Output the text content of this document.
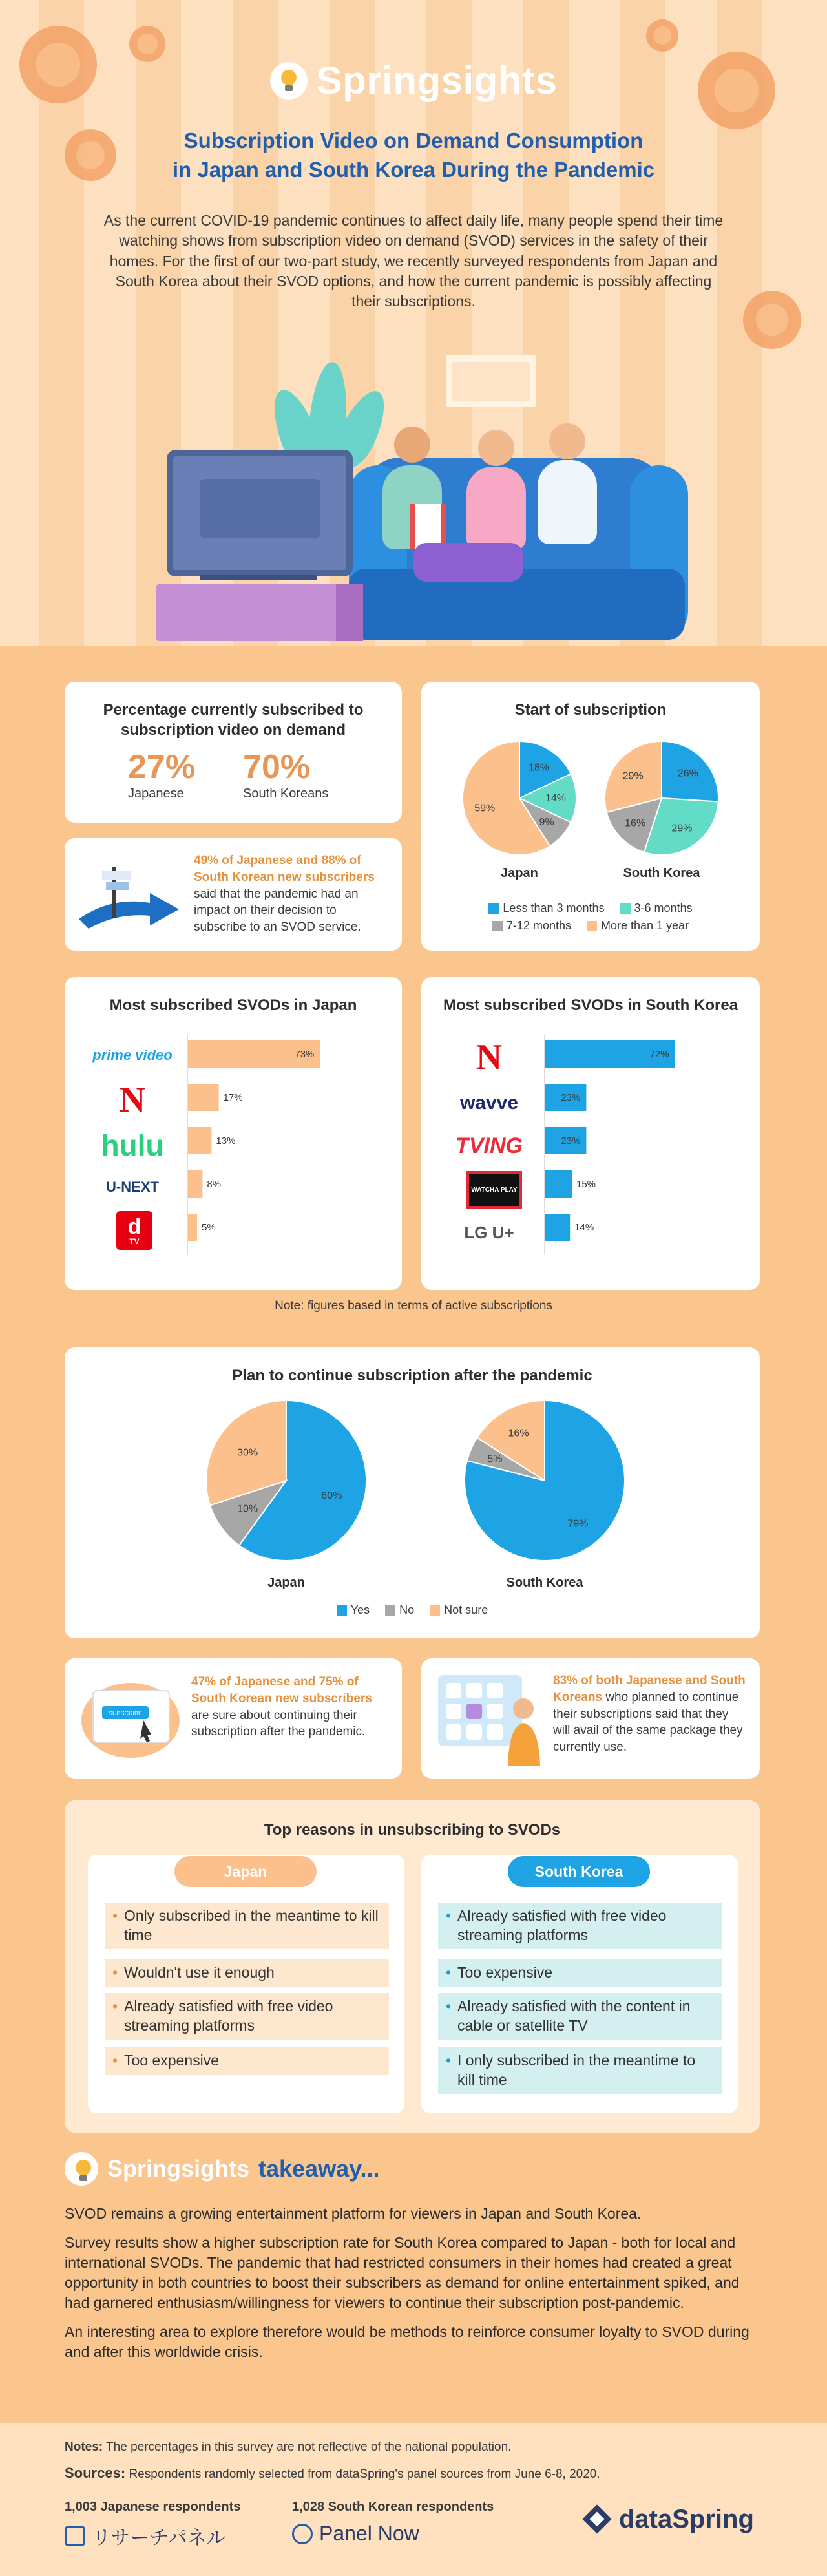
Springsights
Subscription Video on Demand Consumption
in Japan and South Korea During the Pandemic
As the current COVID-19 pandemic continues to affect daily life, many people spend their time watching shows from subscription video on demand (SVOD) services in the safety of their homes. For the first of our two-part study, we recently surveyed respondents from Japan and South Korea about their SVOD options, and how the current pandemic is possibly affecting their subscriptions.
Percentage currently subscribed to subscription video on demand
27%
Japanese
70%
South Koreans
49% of Japanese and 88% of South Korean new subscribers said that the pandemic had an impact on their decision to subscribe to an SVOD service.
Start of subscription
18%
14%
9%
59%
Japan
26%
29%
16%
29%
South Korea
Less than 3 months	3-6 months
7-12 months	More than 1 year
Most subscribed SVODs in Japan
prime video
N
hulu
U-NEXT
d
TV
73%
17%
13%
8%
5%
Most subscribed SVODs in South Korea
N
wavve
TVING
WATCHA PLAY
LG U+
72%
23%
23%
15%
14%
Note: figures based in terms of active subscriptions
Plan to continue subscription after the pandemic
60%
10%
30%
Japan
79%
5%
16%
South Korea
Yes	No	Not sure
SUBSCRIBE
47% of Japanese and 75% of South Korean new subscribers are sure about continuing their subscription after the pandemic.
83% of both Japanese and South Koreans who planned to continue their subscriptions said that they will avail of the same package they currently use.
Top reasons in unsubscribing to SVODs
Japan
• Only subscribed in the meantime to kill time
• Wouldn't use it enough
• Already satisfied with free video streaming platforms
• Too expensive
South Korea
• Already satisfied with free video streaming platforms
• Too expensive
• Already satisfied with the content in cable or satellite TV
• I only subscribed in the meantime to kill time
Springsights takeaway...

SVOD remains a growing entertainment platform for viewers in Japan and South Korea.

Survey results show a higher subscription rate for South Korea compared to Japan - both for local and international SVODs. The pandemic that had restricted consumers in their homes had created a great opportunity in both countries to boost their subscribers as demand for online entertainment spiked, and had garnered enthusiasm/willingness for viewers to continue their subscription post-pandemic.

An interesting area to explore therefore would be methods to reinforce consumer loyalty to SVOD during and after this worldwide crisis.

Notes: The percentages in this survey are not reflective of the national population.
Sources: Respondents randomly selected from dataSpring's panel sources from June 6-8, 2020.
1,003 Japanese respondents	1,028 South Korean respondents
リサーチパネル	Panel Now
dataSpring
